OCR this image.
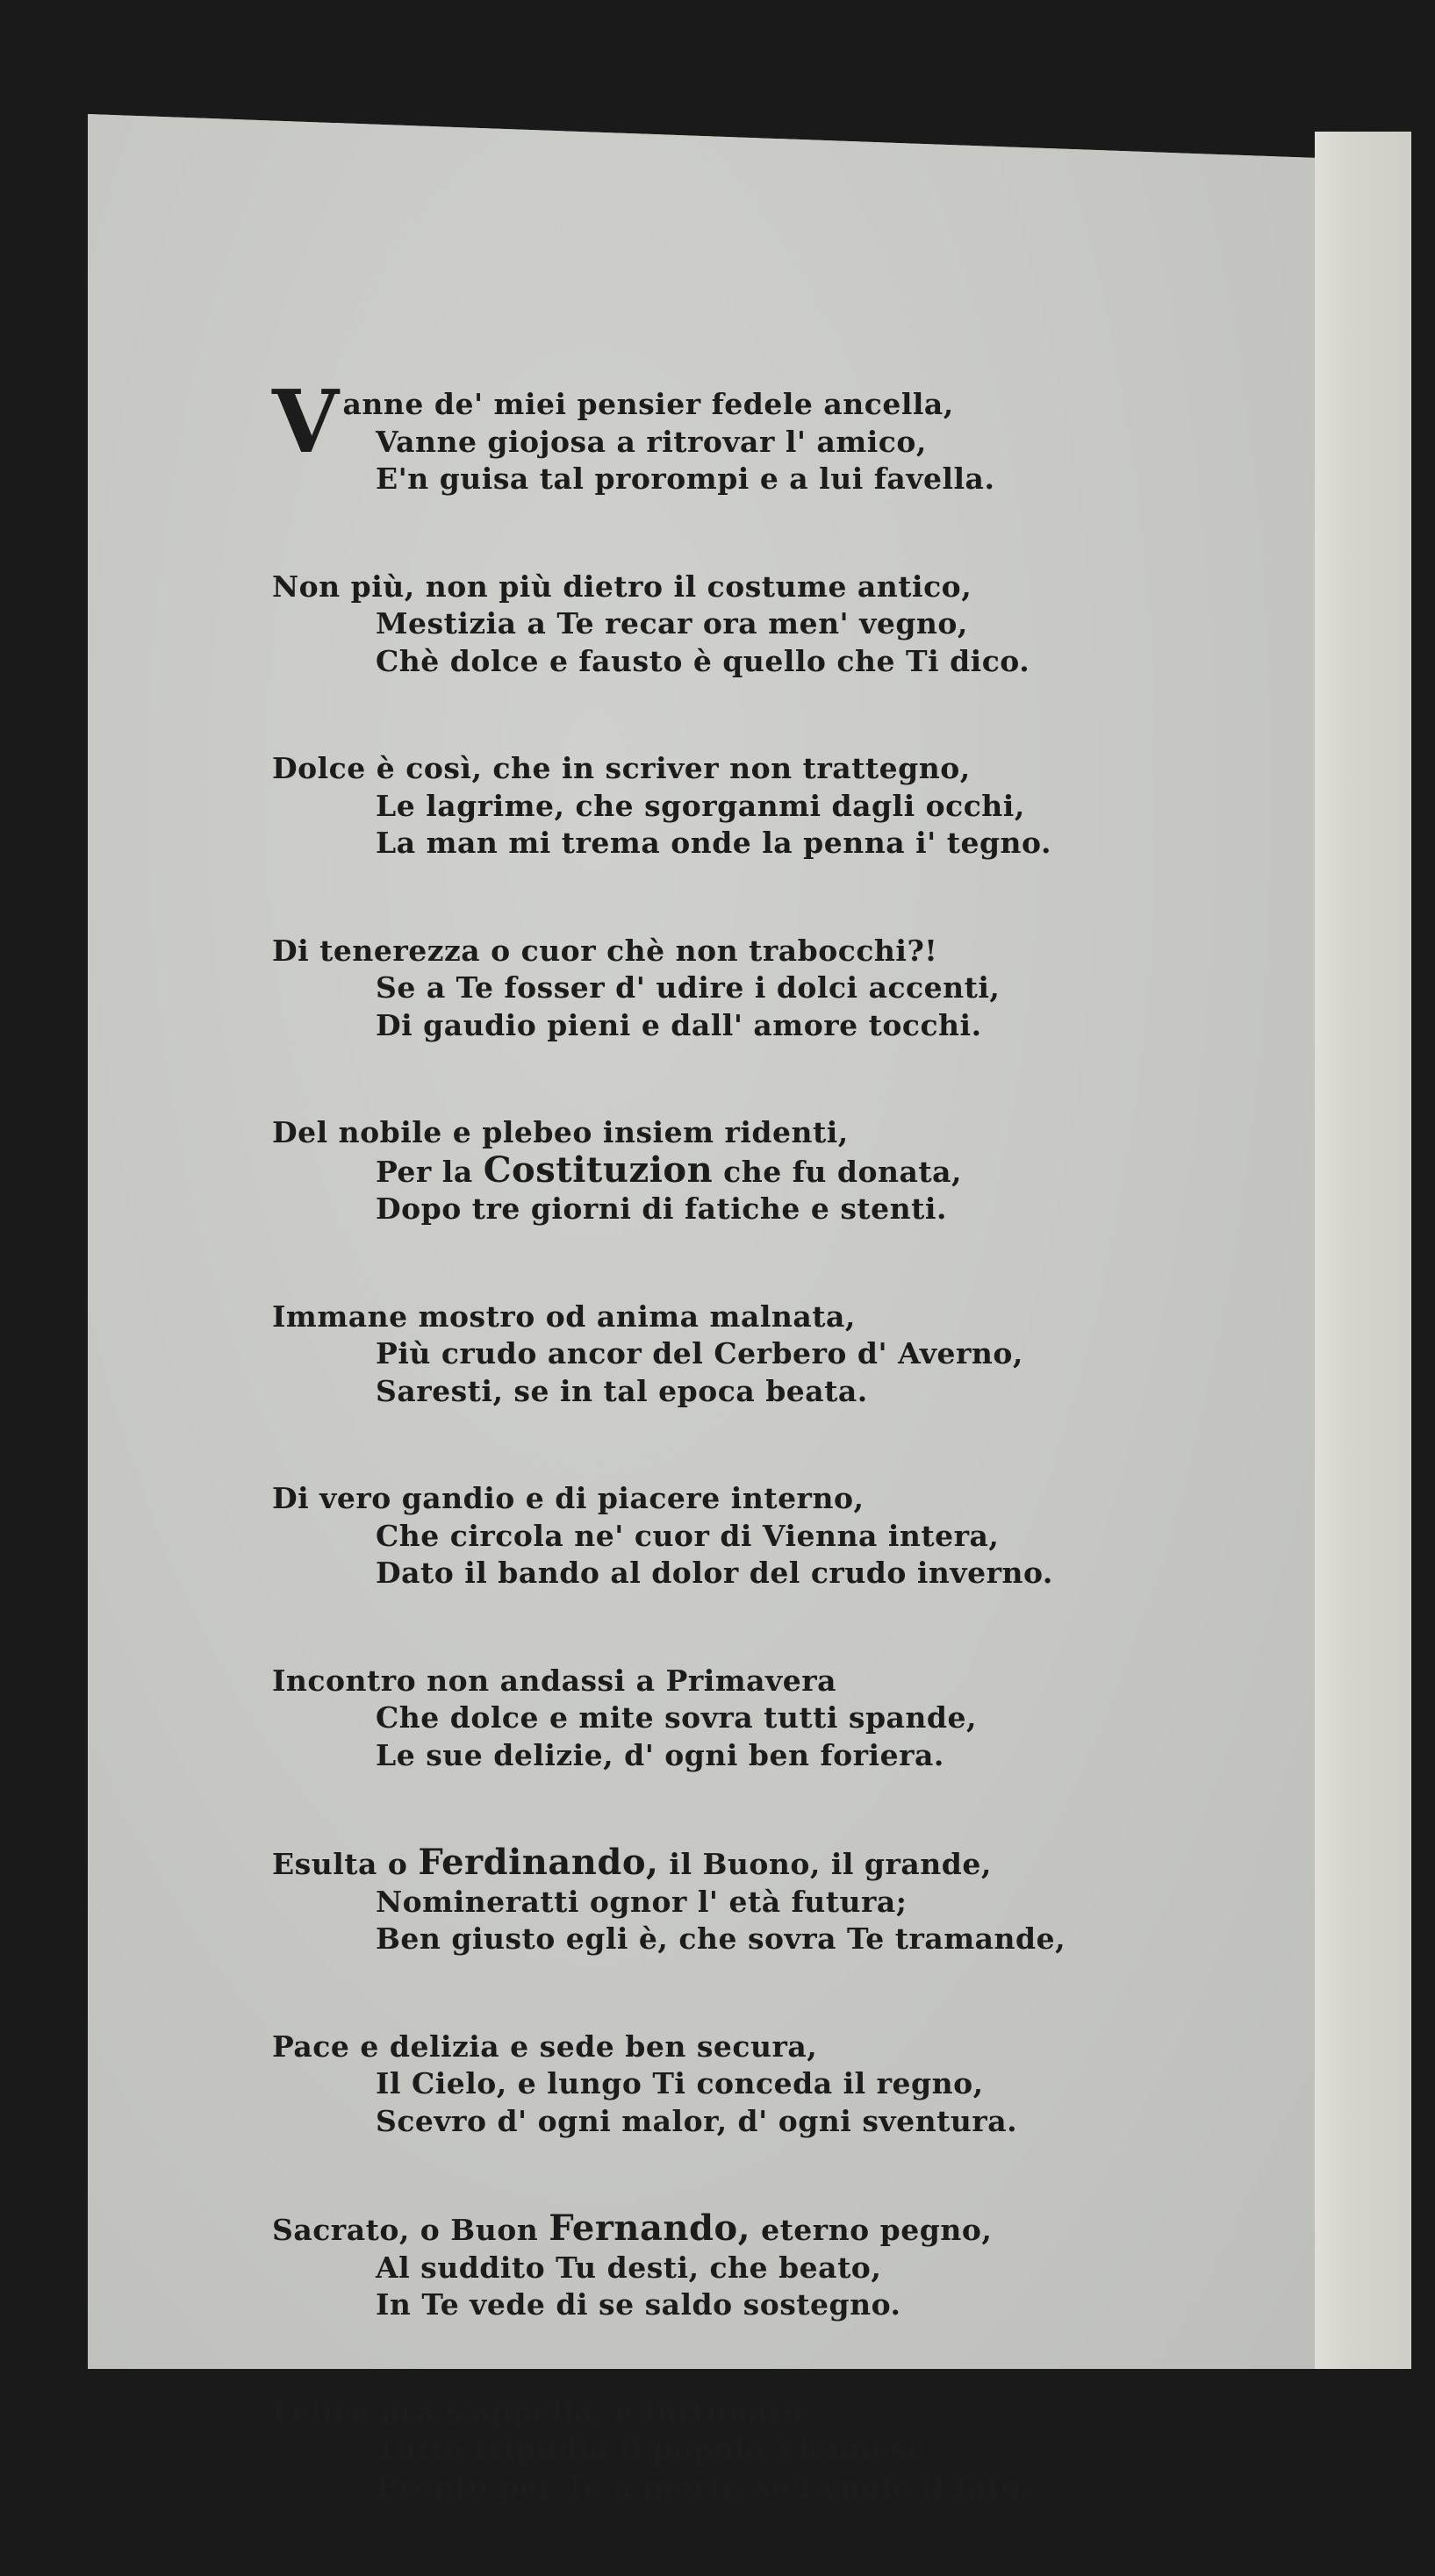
Vanne de' miei pensier fedele ancella,
Vanne giojosa a ritrovar l' amico,
E'n guisa tal prorompi e a lui favella.
Non più, non più dietro il costume antico,
Mestizia a Te recar ora men' vegno,
Chè dolce e fausto è quello che Ti dico.
Dolce è così, che in scriver non trattegno,
Le lagrime, che sgorganmi dagli occhi,
La man mi trema onde la penna i' tegno.
Di tenerezza o cuor chè non trabocchi?!
Se a Te fosser d' udire i dolci accenti,
Di gaudio pieni e dall' amore tocchi.
Del nobile e plebeo insiem ridenti,
Per la Costituzion che fu donata,
Dopo tre giorni di fatiche e stenti.
Immane mostro od anima malnata,
Più crudo ancor del Cerbero d' Averno,
Saresti, se in tal epoca beata.
Di vero gandio e di piacere interno,
Che circola ne' cuor di Vienna intera,
Dato il bando al dolor del crudo inverno.
Incontro non andassi a Primavera
Che dolce e mite sovra tutti spande,
Le sue delizie, d' ogni ben foriera.
Esulta o Ferdinando, il Buono, il grande,
Nomineratti ognor l' età futura;
Ben giusto egli è, che sovra Te tramande,
Pace e delizia e sede ben secura,
Il Cielo, e lungo Ti conceda il regno,
Scevro d' ogni malor, d' ogni sventura.
Sacrato, o Buon Fernando, eterno pegno,
Al suddito Tu desti, che beato,
In Te vede di se saldo sostegno.
Felice ora s'appella, e fortunato,
Tutto tripudia il popolo Viennese
Pronto per Te a morir, se'l vuole il fato.
